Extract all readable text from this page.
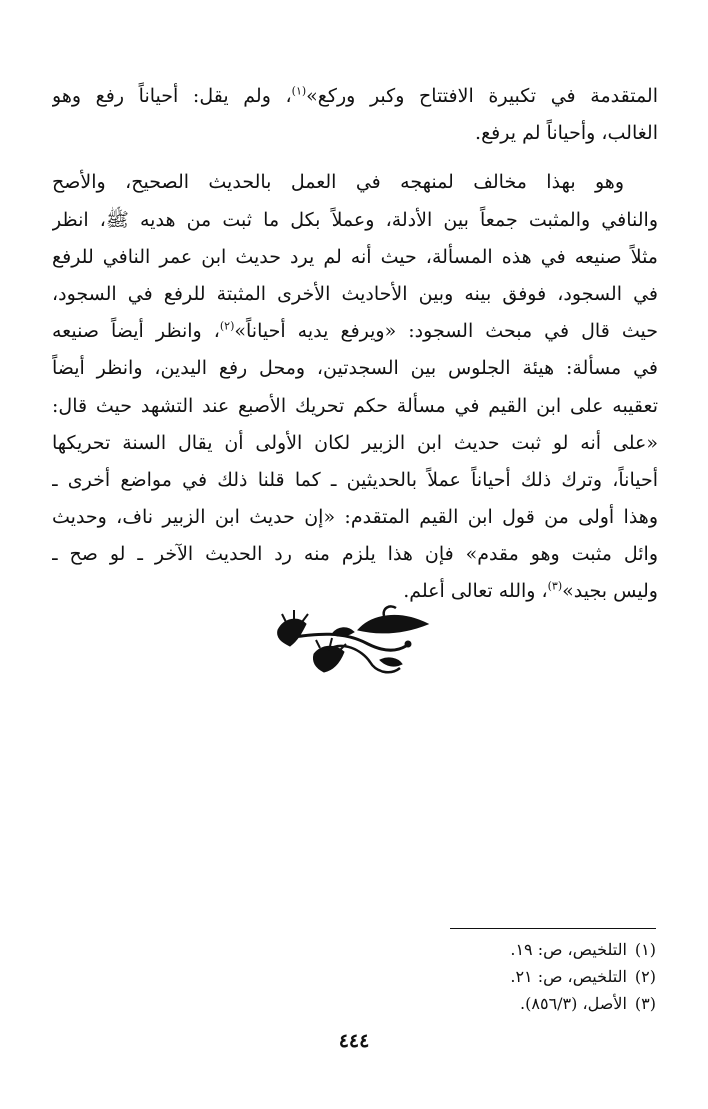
المتقدمة في تكبيرة الافتتاح وكبر وركع»$^{(١)}$، ولم يقل: أحياناً رفع وهو
الغالب، وأحياناً لم يرفع.
وهو بهذا مخالف لمنهجه في العمل بالحديث الصحيح، والأصح
والنافي والمثبت جمعاً بين الأدلة، وعملاً بكل ما ثبت من هديه ﷺ، انظر
مثلاً صنيعه في هذه المسألة، حيث أنه لم يرد حديث ابن عمر النافي للرفع
في السجود، فوفق بينه وبين الأحاديث الأخرى المثبتة للرفع في السجود،
حيث قال في مبحث السجود: «ويرفع يديه أحياناً»$^{(٢)}$، وانظر أيضاً صنيعه
في مسألة: هيئة الجلوس بين السجدتين، ومحل رفع اليدين، وانظر أيضاً
تعقيبه على ابن القيم في مسألة حكم تحريك الأصبع عند التشهد حيث قال:
«على أنه لو ثبت حديث ابن الزبير لكان الأولى أن يقال السنة تحريكها
أحياناً، وترك ذلك أحياناً عملاً بالحديثين ـ كما قلنا ذلك في مواضع أخرى ـ
وهذا أولى من قول ابن القيم المتقدم: «إن حديث ابن الزبير ناف، وحديث
وائل مثبت وهو مقدم» فإن هذا يلزم منه رد الحديث الآخر ـ لو صح ـ
وليس بجيد»$^{(٣)}$، والله تعالى أعلم.
(١)التلخيص، ص: ١٩.
(٢)التلخيص، ص: ٢١.
(٣)الأصل، (٨٥٦/٣).
٤٤٤
